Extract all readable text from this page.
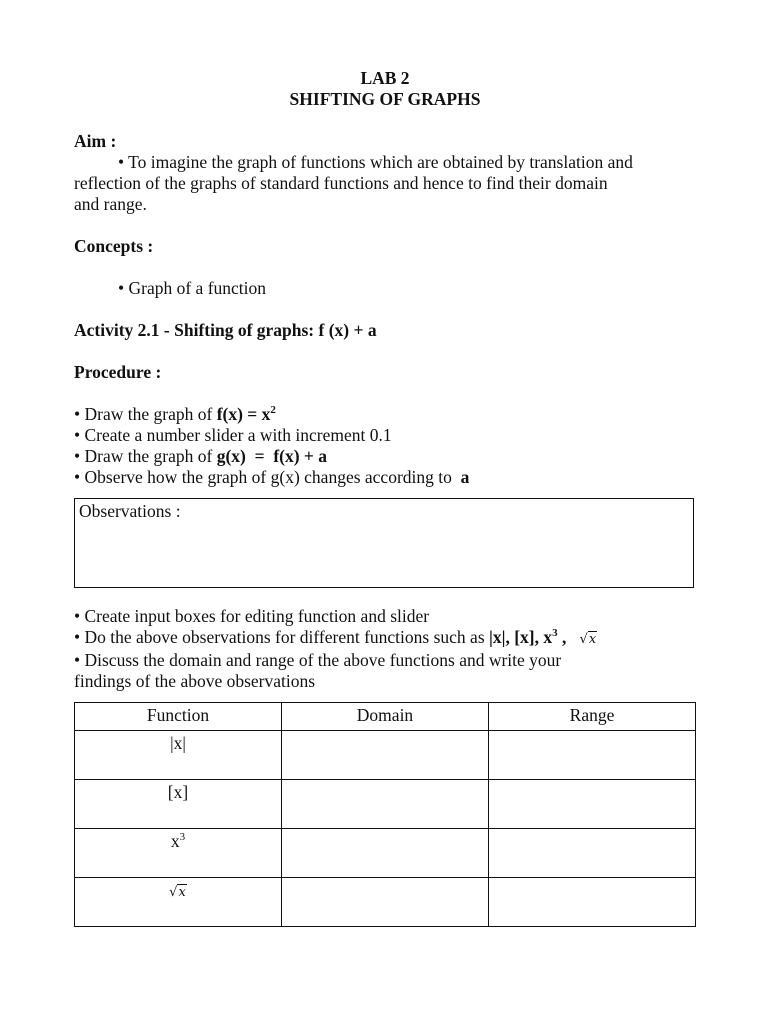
LAB 2
SHIFTING OF GRAPHS
Aim :
• To imagine the graph of functions which are obtained by translation and
reflection of the graphs of standard functions and hence to find their domain
and range.
Concepts :
• Graph of a function
Activity 2.1 - Shifting of graphs: f (x) + a
Procedure :
• Draw the graph of $f(x) = x^2$
• Create a number slider a with increment 0.1
• Draw the graph of g(x)  =  f(x) + a
• Observe how the graph of g(x) changes according to  a
Observations :
• Create input boxes for editing function and slider
• Do the above observations for different functions such as |x|, [x], $x^3$ , √x
• Discuss the domain and range of the above functions and write your
findings of the above observations
Function	Domain	Range
|x|		
[x]		
$x^3$		
√x		
